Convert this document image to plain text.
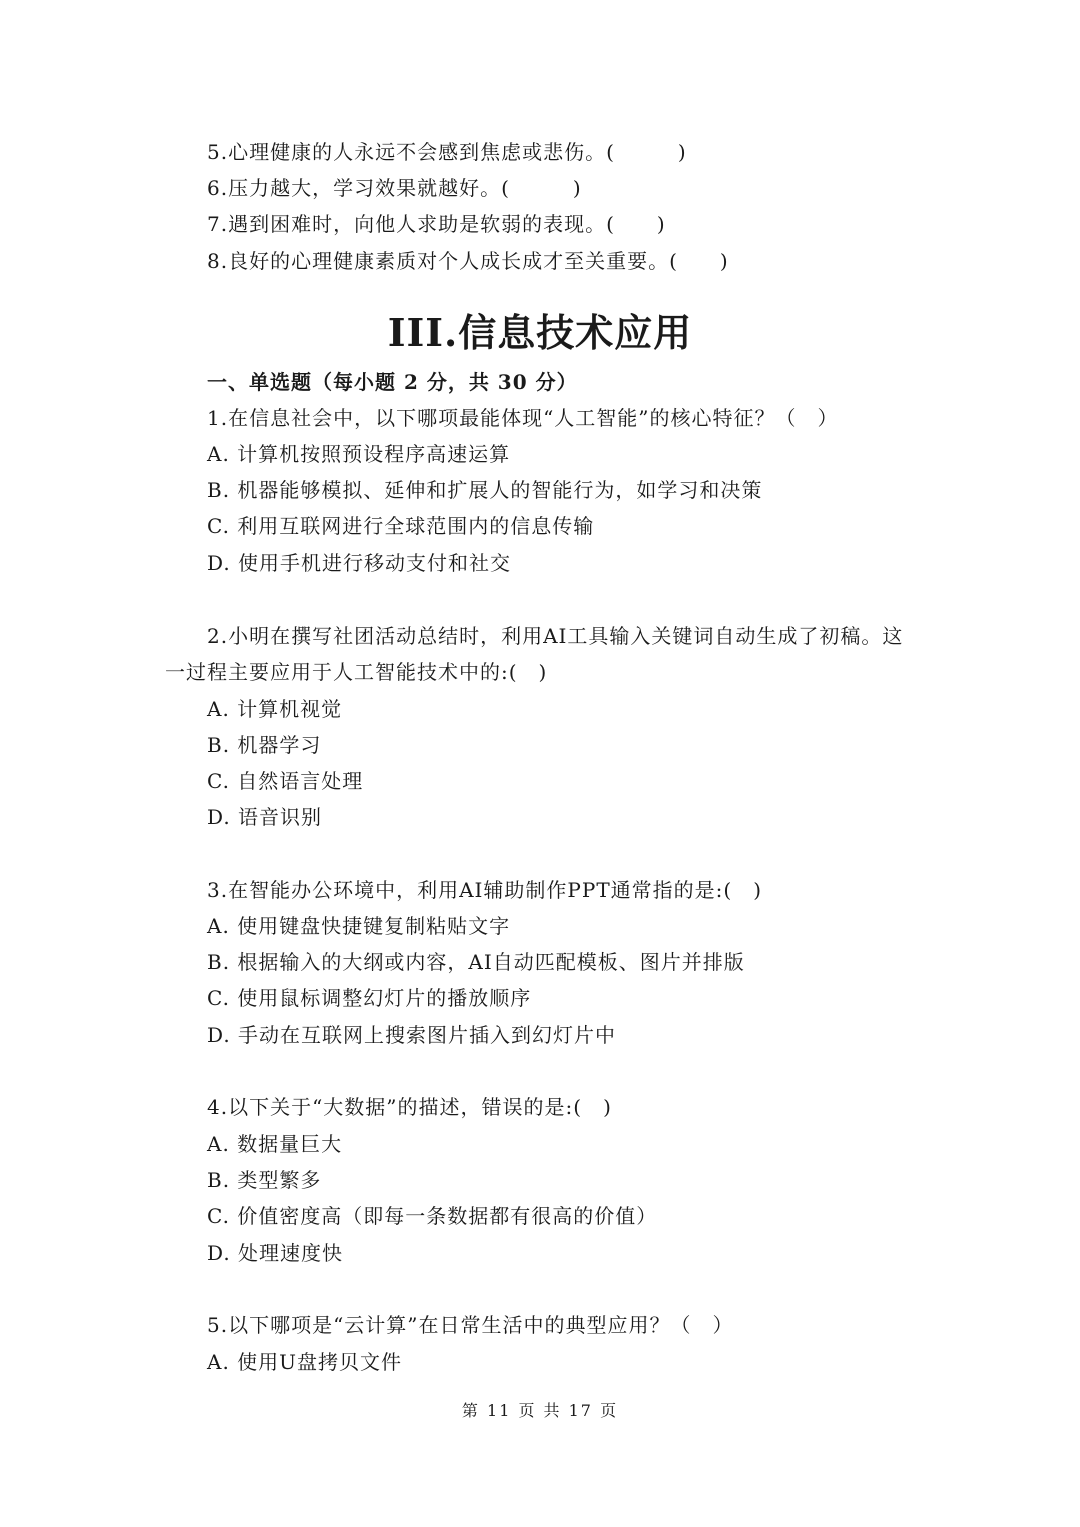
5.心理健康的人永远不会感到焦虑或悲伤。(　　　)
6.压力越大，学习效果就越好。(　　　)
7.遇到困难时，向他人求助是软弱的表现。(　　)
8.良好的心理健康素质对个人成长成才至关重要。(　　)
III.信息技术应用
一、单选题（每小题 2 分，共 30 分）
1.在信息社会中，以下哪项最能体现“人工智能”的核心特征？（　）
A. 计算机按照预设程序高速运算
B. 机器能够模拟、延伸和扩展人的智能行为，如学习和决策
C. 利用互联网进行全球范围内的信息传输
D. 使用手机进行移动支付和社交
2.小明在撰写社团活动总结时，利用AI工具输入关键词自动生成了初稿。这
一过程主要应用于人工智能技术中的:(　)
A. 计算机视觉
B. 机器学习
C. 自然语言处理
D. 语音识别
3.在智能办公环境中，利用AI辅助制作PPT通常指的是:(　)
A. 使用键盘快捷键复制粘贴文字
B. 根据输入的大纲或内容，AI自动匹配模板、图片并排版
C. 使用鼠标调整幻灯片的播放顺序
D. 手动在互联网上搜索图片插入到幻灯片中
4.以下关于“大数据”的描述，错误的是:(　)
A. 数据量巨大
B. 类型繁多
C. 价值密度高（即每一条数据都有很高的价值）
D. 处理速度快
5.以下哪项是“云计算”在日常生活中的典型应用？（　）
A. 使用U盘拷贝文件
第 11 页 共 17 页
